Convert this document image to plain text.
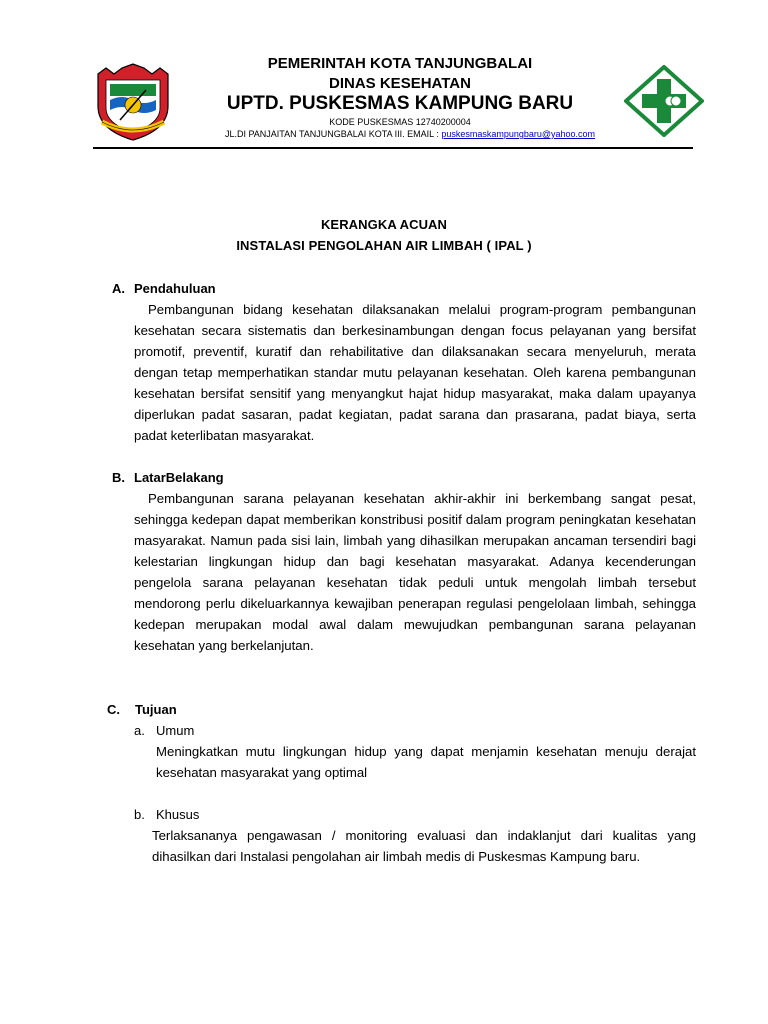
PEMERINTAH KOTA TANJUNGBALAI
DINAS KESEHATAN
UPTD. PUSKESMAS KAMPUNG BARU
KODE PUSKESMAS 12740200004
JL.DI PANJAITAN TANJUNGBALAI KOTA III. EMAIL : puskesmaskampungbaru@yahoo.com
KERANGKA ACUAN
INSTALASI PENGOLAHAN AIR LIMBAH ( IPAL )
A. Pendahuluan

Pembangunan bidang kesehatan dilaksanakan melalui program-program pembangunan kesehatan secara sistematis dan berkesinambungan dengan focus pelayanan yang bersifat promotif, preventif, kuratif dan rehabilitative dan dilaksanakan secara menyeluruh, merata dengan tetap memperhatikan standar mutu pelayanan kesehatan. Oleh karena pembangunan kesehatan bersifat sensitif yang menyangkut hajat hidup masyarakat, maka dalam upayanya diperlukan padat sasaran, padat kegiatan, padat sarana dan prasarana, padat biaya, serta padat keterlibatan masyarakat.

B. LatarBelakang

Pembangunan sarana pelayanan kesehatan akhir-akhir ini berkembang sangat pesat, sehingga kedepan dapat memberikan konstribusi positif dalam program peningkatan kesehatan masyarakat. Namun pada sisi lain, limbah yang dihasilkan merupakan ancaman tersendiri bagi kelestarian lingkungan hidup dan bagi kesehatan masyarakat. Adanya kecenderungan pengelola sarana pelayanan kesehatan tidak peduli untuk mengolah limbah tersebut mendorong perlu dikeluarkannya kewajiban penerapan regulasi pengelolaan limbah, sehingga kedepan merupakan modal awal dalam mewujudkan pembangunan sarana pelayanan kesehatan yang berkelanjutan.

C. Tujuan
a. Umum

Meningkatkan mutu lingkungan hidup yang dapat menjamin kesehatan menuju derajat kesehatan masyarakat yang optimal

b. Khusus

Terlaksananya pengawasan / monitoring evaluasi dan indaklanjut dari kualitas yang dihasilkan dari Instalasi pengolahan air limbah medis di Puskesmas Kampung baru.
